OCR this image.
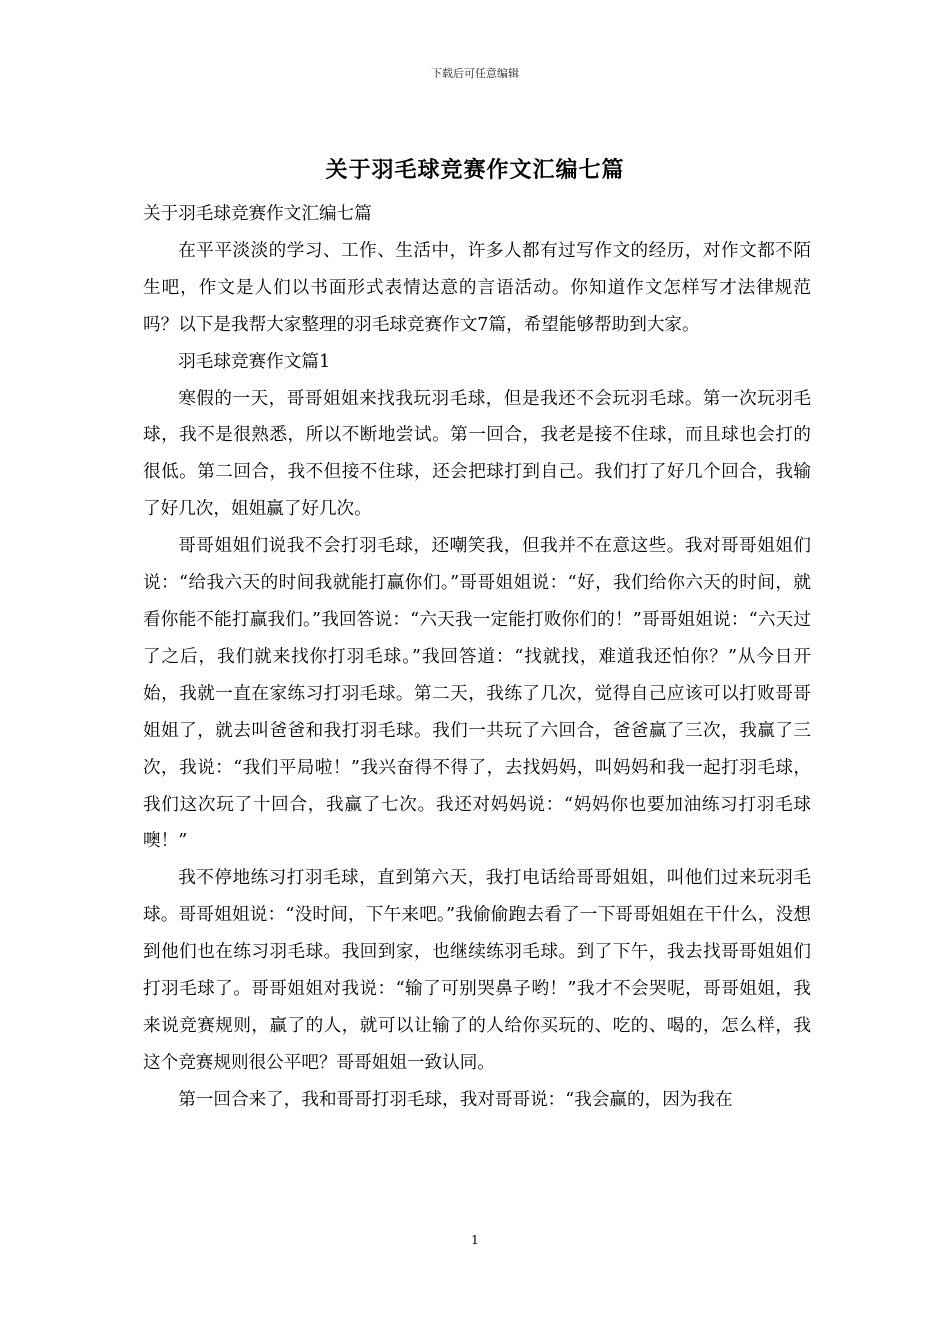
下载后可任意编辑
关于羽毛球竞赛作文汇编七篇

关于羽毛球竞赛作文汇编七篇

在平平淡淡的学习、工作、生活中，许多人都有过写作文的经历，对作文都不陌生吧，作文是人们以书面形式表情达意的言语活动。你知道作文怎样写才法律规范吗？以下是我帮大家整理的羽毛球竞赛作文7篇，希望能够帮助到大家。

羽毛球竞赛作文篇1

寒假的一天，哥哥姐姐来找我玩羽毛球，但是我还不会玩羽毛球。第一次玩羽毛球，我不是很熟悉，所以不断地尝试。第一回合，我老是接不住球，而且球也会打的很低。第二回合，我不但接不住球，还会把球打到自己。我们打了好几个回合，我输了好几次，姐姐赢了好几次。

哥哥姐姐们说我不会打羽毛球，还嘲笑我，但我并不在意这些。我对哥哥姐姐们说：“给我六天的时间我就能打赢你们。”哥哥姐姐说：“好，我们给你六天的时间，就看你能不能打赢我们。”我回答说：“六天我一定能打败你们的！”哥哥姐姐说：“六天过了之后，我们就来找你打羽毛球。”我回答道：“找就找，难道我还怕你？”从今日开始，我就一直在家练习打羽毛球。第二天，我练了几次，觉得自己应该可以打败哥哥姐姐了，就去叫爸爸和我打羽毛球。我们一共玩了六回合，爸爸赢了三次，我赢了三次，我说：“我们平局啦！”我兴奋得不得了，去找妈妈，叫妈妈和我一起打羽毛球，我们这次玩了十回合，我赢了七次。我还对妈妈说：“妈妈你也要加油练习打羽毛球噢！”

我不停地练习打羽毛球，直到第六天，我打电话给哥哥姐姐，叫他们过来玩羽毛球。哥哥姐姐说：“没时间，下午来吧。”我偷偷跑去看了一下哥哥姐姐在干什么，没想到他们也在练习羽毛球。我回到家，也继续练羽毛球。到了下午，我去找哥哥姐姐们打羽毛球了。哥哥姐姐对我说：“输了可别哭鼻子哟！”我才不会哭呢，哥哥姐姐，我来说竞赛规则，赢了的人，就可以让输了的人给你买玩的、吃的、喝的，怎么样，我这个竞赛规则很公平吧？哥哥姐姐一致认同。

第一回合来了，我和哥哥打羽毛球，我对哥哥说：“我会赢的，因为我在

1
